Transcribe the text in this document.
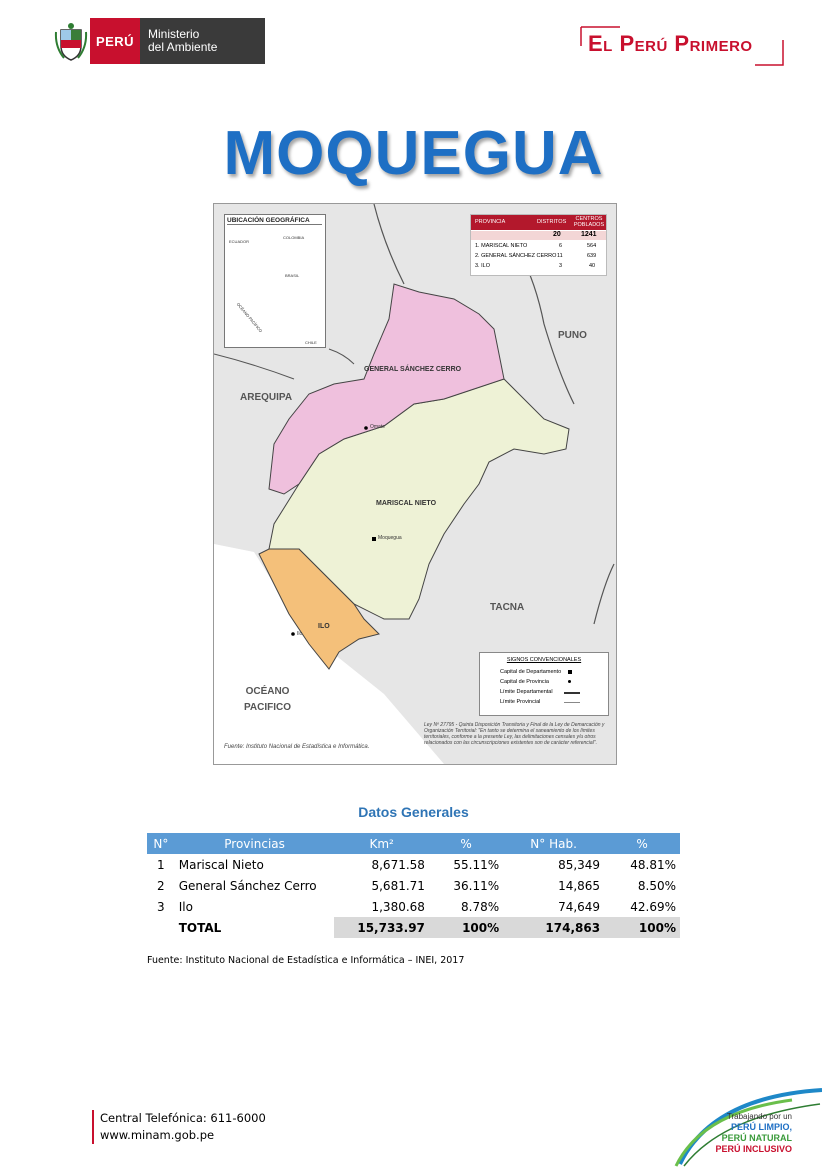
PERÚ	Ministerio
del Ambiente	El Perú Primero
MOQUEGUA
AREQUIPA
PUNO
TACNA
OCÉANO
PACIFICO
GENERAL SÁNCHEZ CERRO
MARISCAL NIETO
ILO
Omate
Moquegua
Ilo
UBICACIÓN GEOGRÁFICA
ECUADOR
COLOMBIA
BRASIL
OCÉANO PACÍFICO
CHILE
PROVINCIA	DISTRITOS	CENTROS POBLADOS
20	1241
1. MARISCAL NIETO	6	564
2. GENERAL SÁNCHEZ CERRO 11	639
3. ILO	3	40
SIGNOS CONVENCIONALES
Capital de Departamento
Capital de Provincia
Límite Departamental
Límite Provincial
Ley Nº 27795 - Quinta Disposición Transitoria y Final de la Ley de Demarcación y Organización Territorial: "En tanto se determina el saneamiento de los límites territoriales, conforme a la presente Ley, las delimitaciones censales y/u otros relacionados con las circunscripciones existentes son de carácter referencial".
Fuente: Instituto Nacional de Estadística e Informática.
Datos Generales
N°	Provincias	Km²	%	N° Hab.	%
1	Mariscal Nieto	8,671.58	55.11%	85,349	48.81%
2	General Sánchez Cerro	5,681.71	36.11%	14,865	8.50%
3	Ilo	1,380.68	8.78%	74,649	42.69%
	TOTAL	15,733.97	100%	174,863	100%
Fuente: Instituto Nacional de Estadística e Informática – INEI, 2017
Central Telefónica: 611-6000
www.minam.gob.pe
Trabajando por un
PERÚ LIMPIO,
PERÚ NATURAL
PERÚ INCLUSIVO
